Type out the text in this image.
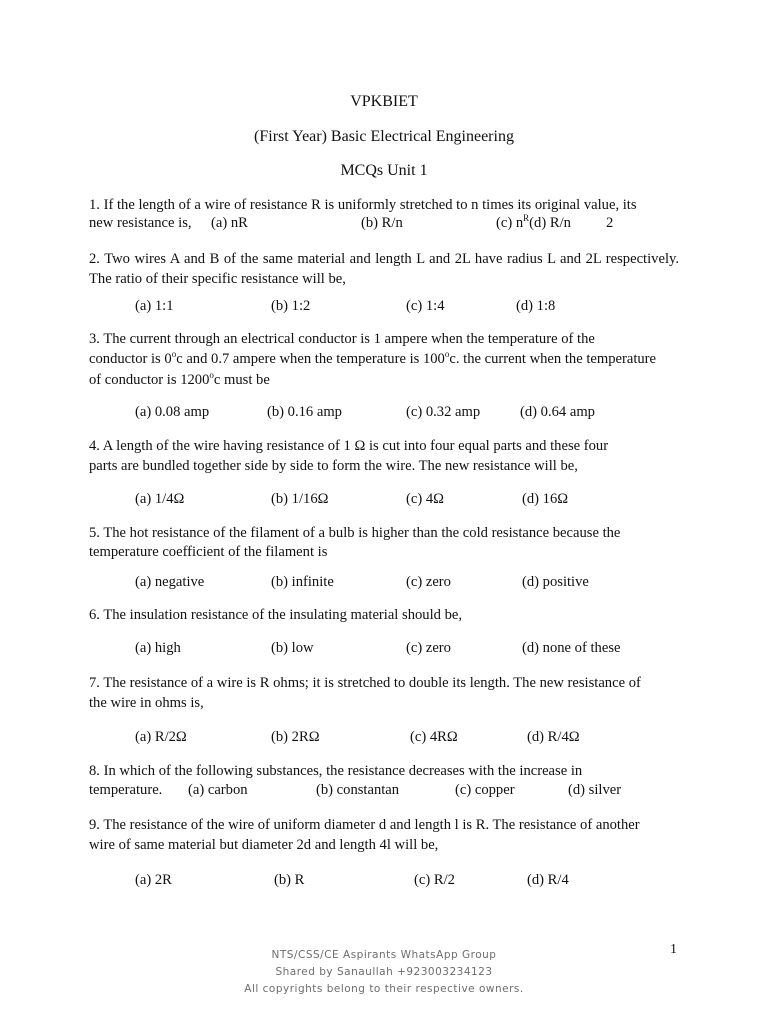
VPKBIET
(First Year) Basic Electrical Engineering
MCQs Unit 1
1. If the length of a wire of resistance R is uniformly stretched to n times its original value, its
new resistance is, (a) nR	(b) R/n	(c) $n^R(d)$ R/n 2
2. Two wires A and B of the same material and length L and 2L have radius L and 2L respectively. The ratio of their specific resistance will be,
(a) 1:1	(b) 1:2	(c) 1:4	(d) 1:8
3. The current through an electrical conductor is 1 ampere when the temperature of the
conductor is 0$^o$c and 0.7 ampere when the temperature is 100$^o$c. the current when the temperature
of conductor is 1200$^o$c must be
(a) 0.08 amp	(b) 0.16 amp	(c) 0.32 amp	(d) 0.64 amp
4. A length of the wire having resistance of 1 Ω is cut into four equal parts and these four
parts are bundled together side by side to form the wire. The new resistance will be,
(a) 1/4Ω	(b) 1/16Ω	(c) 4Ω	(d) 16Ω
5. The hot resistance of the filament of a bulb is higher than the cold resistance because the
temperature coefficient of the filament is
(a) negative	(b) infinite	(c) zero	(d) positive
6. The insulation resistance of the insulating material should be,
(a) high	(b) low	(c) zero	(d) none of these
7. The resistance of a wire is R ohms; it is stretched to double its length. The new resistance of
the wire in ohms is,
(a) R/2Ω	(b) 2RΩ	(c) 4RΩ	(d) R/4Ω
8. In which of the following substances, the resistance decreases with the increase in
temperature. (a) carbon	(b) constantan	(c) copper	(d) silver
9. The resistance of the wire of uniform diameter d and length l is R. The resistance of another
wire of same material but diameter 2d and length 4l will be,
(a) 2R	(b) R	(c) R/2	(d) R/4
1
NTS/CSS/CE Aspirants WhatsApp Group
Shared by Sanaullah +923003234123
All copyrights belong to their respective owners.
